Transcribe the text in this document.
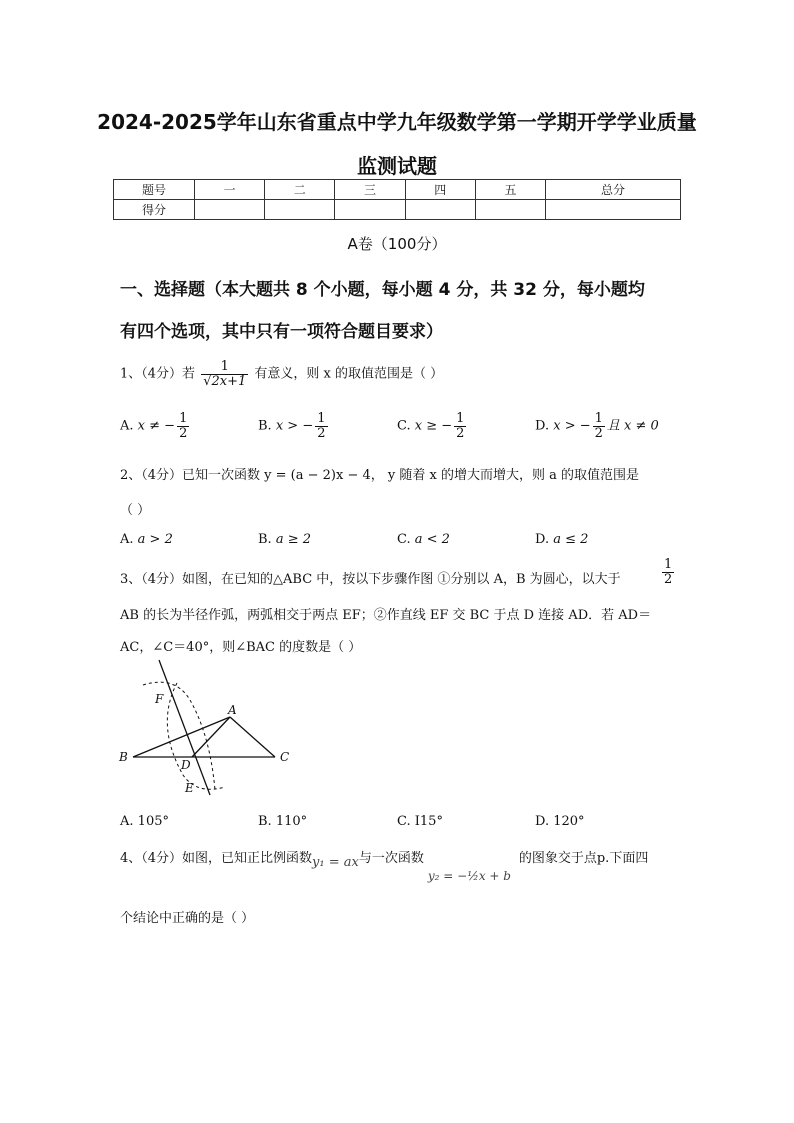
2024-2025学年山东省重点中学九年级数学第一学期开学学业质量
监测试题
题号	一	二	三	四	五	总分
得分						
A卷（100分）
一、选择题（本大题共 8 个小题，每小题 4 分，共 32 分，每小题均
有四个选项，其中只有一项符合题目要求）
1、（4分）若 $\frac{1}{√2x+1}$ 有意义，则 x 的取值范围是（ ）
A. x ≠ − $\frac{1}{2}$	B. x > − $\frac{1}{2}$	C. x ≥ − $\frac{1}{2}$	D. x > − $\frac{1}{2}$ 且 x ≠ 0
2、（4分）已知一次函数 y = (a − 2)x − 4， y 随着 x 的增大而增大，则 a 的取值范围是
（ ）
A. a > 2	B. a ≥ 2	C. a < 2	D. a ≤ 2
3、（4分）如图，在已知的△ABC 中，按以下步骤作图 ①分别以 A，B 为圆心，以大于	$\frac{1}{2}$
AB 的长为半径作弧，两弧相交于两点 EF；②作直线 EF 交 BC 于点 D 连接 AD．若 AD＝
AC，∠C＝40°，则∠BAC 的度数是（ ）
F
A
B	C
D
E
A. 105°	B. 110°	C. I15°	D. 120°
4、（4分）如图，已知正比例函数y₁ = ax与一次函数y₂ = −½x + b的图象交于点p.下面四
个结论中正确的是（ ）
